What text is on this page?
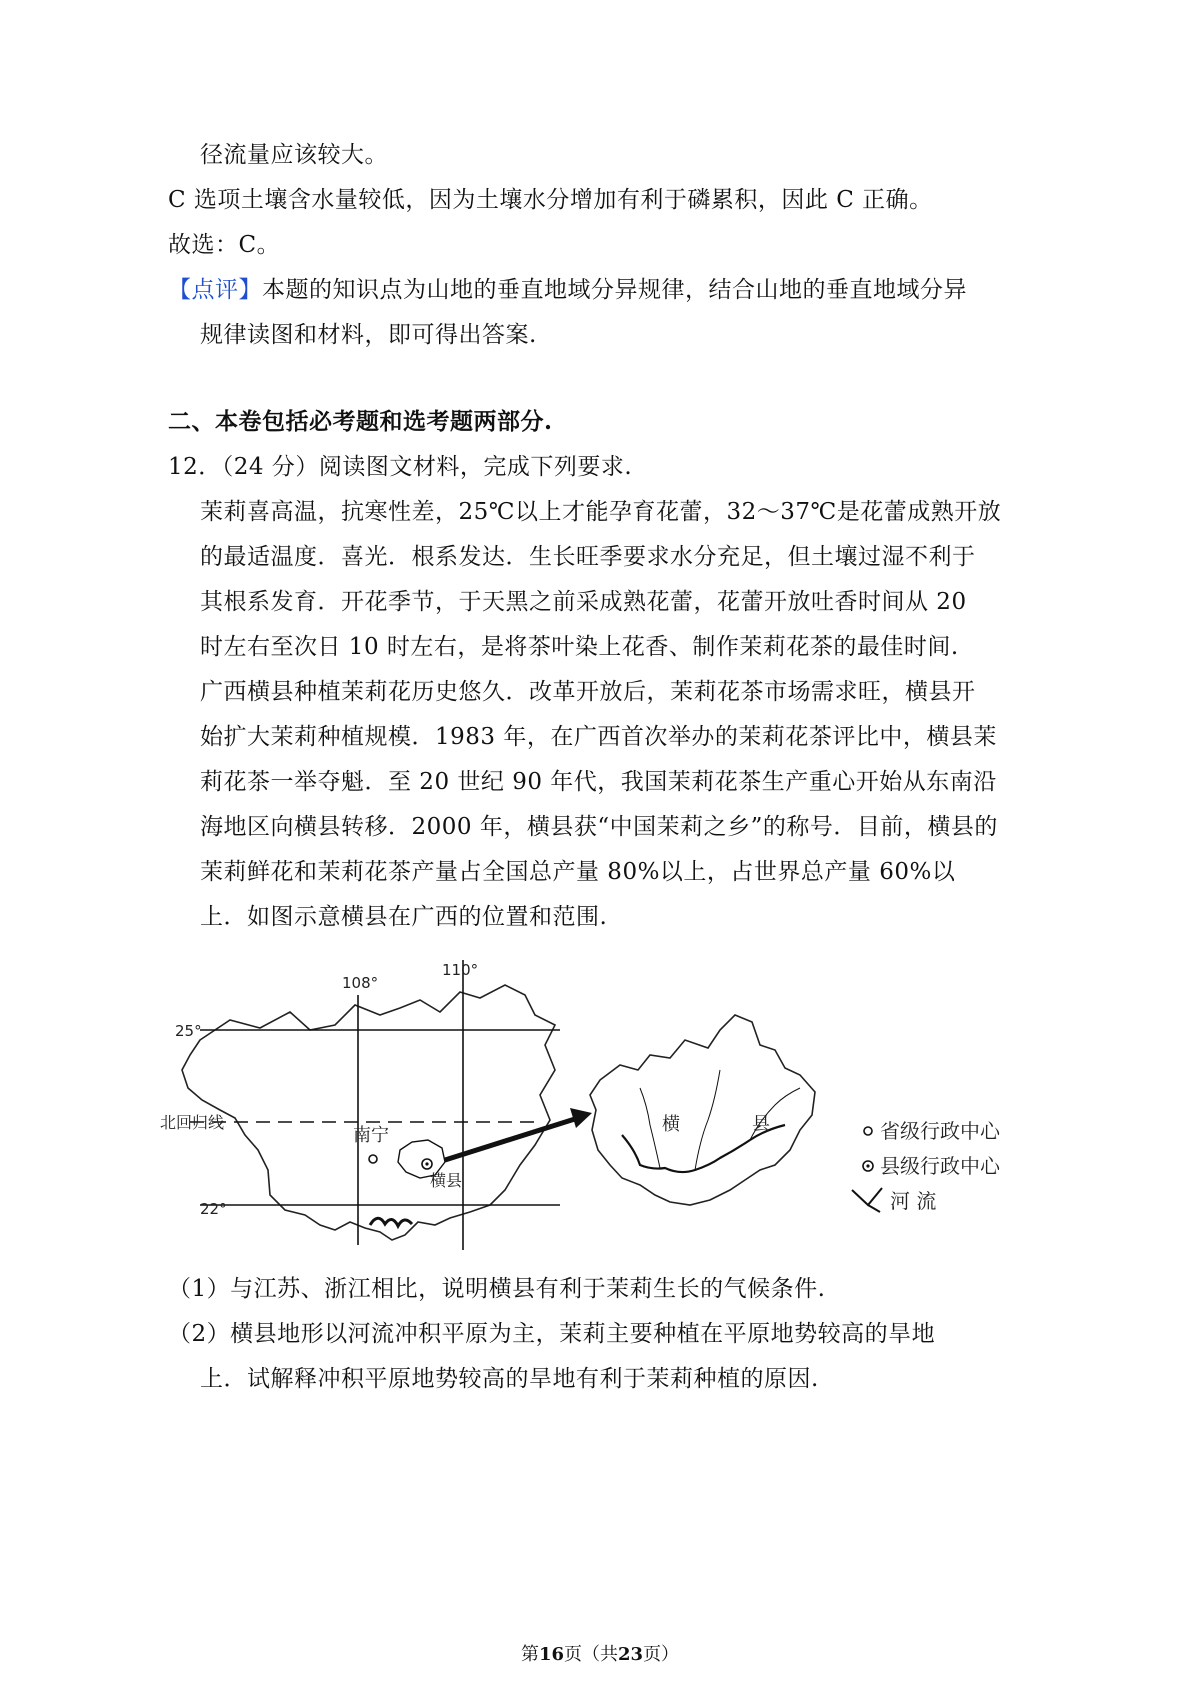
径流量应该较大。
C 选项土壤含水量较低，因为土壤水分增加有利于磷累积，因此 C 正确。
故选：C。
【点评】本题的知识点为山地的垂直地域分异规律，结合山地的垂直地域分异
规律读图和材料，即可得出答案.
二、本卷包括必考题和选考题两部分.
12．（24 分）阅读图文材料，完成下列要求.
茉莉喜高温，抗寒性差，25℃以上才能孕育花蕾，32～37℃是花蕾成熟开放
的最适温度．喜光．根系发达．生长旺季要求水分充足，但土壤过湿不利于
其根系发育．开花季节，于天黑之前采成熟花蕾，花蕾开放吐香时间从 20
时左右至次日 10 时左右，是将茶叶染上花香、制作茉莉花茶的最佳时间.
广西横县种植茉莉花历史悠久．改革开放后，茉莉花茶市场需求旺，横县开
始扩大茉莉种植规模．1983 年，在广西首次举办的茉莉花茶评比中，横县茉
莉花茶一举夺魁．至 20 世纪 90 年代，我国茉莉花茶生产重心开始从东南沿
海地区向横县转移．2000 年，横县获“中国茉莉之乡”的称号．目前，横县的
茉莉鲜花和茉莉花茶产量占全国总产量 80%以上，占世界总产量 60%以
上．如图示意横县在广西的位置和范围.
110°
108°
25°
22°
北回归线
南宁
横县
横	县	省级行政中心
县级行政中心
河 流
（1）与江苏、浙江相比，说明横县有利于茉莉生长的气候条件.
（2）横县地形以河流冲积平原为主，茉莉主要种植在平原地势较高的旱地
上．试解释冲积平原地势较高的旱地有利于茉莉种植的原因.
第16页（共23页）
